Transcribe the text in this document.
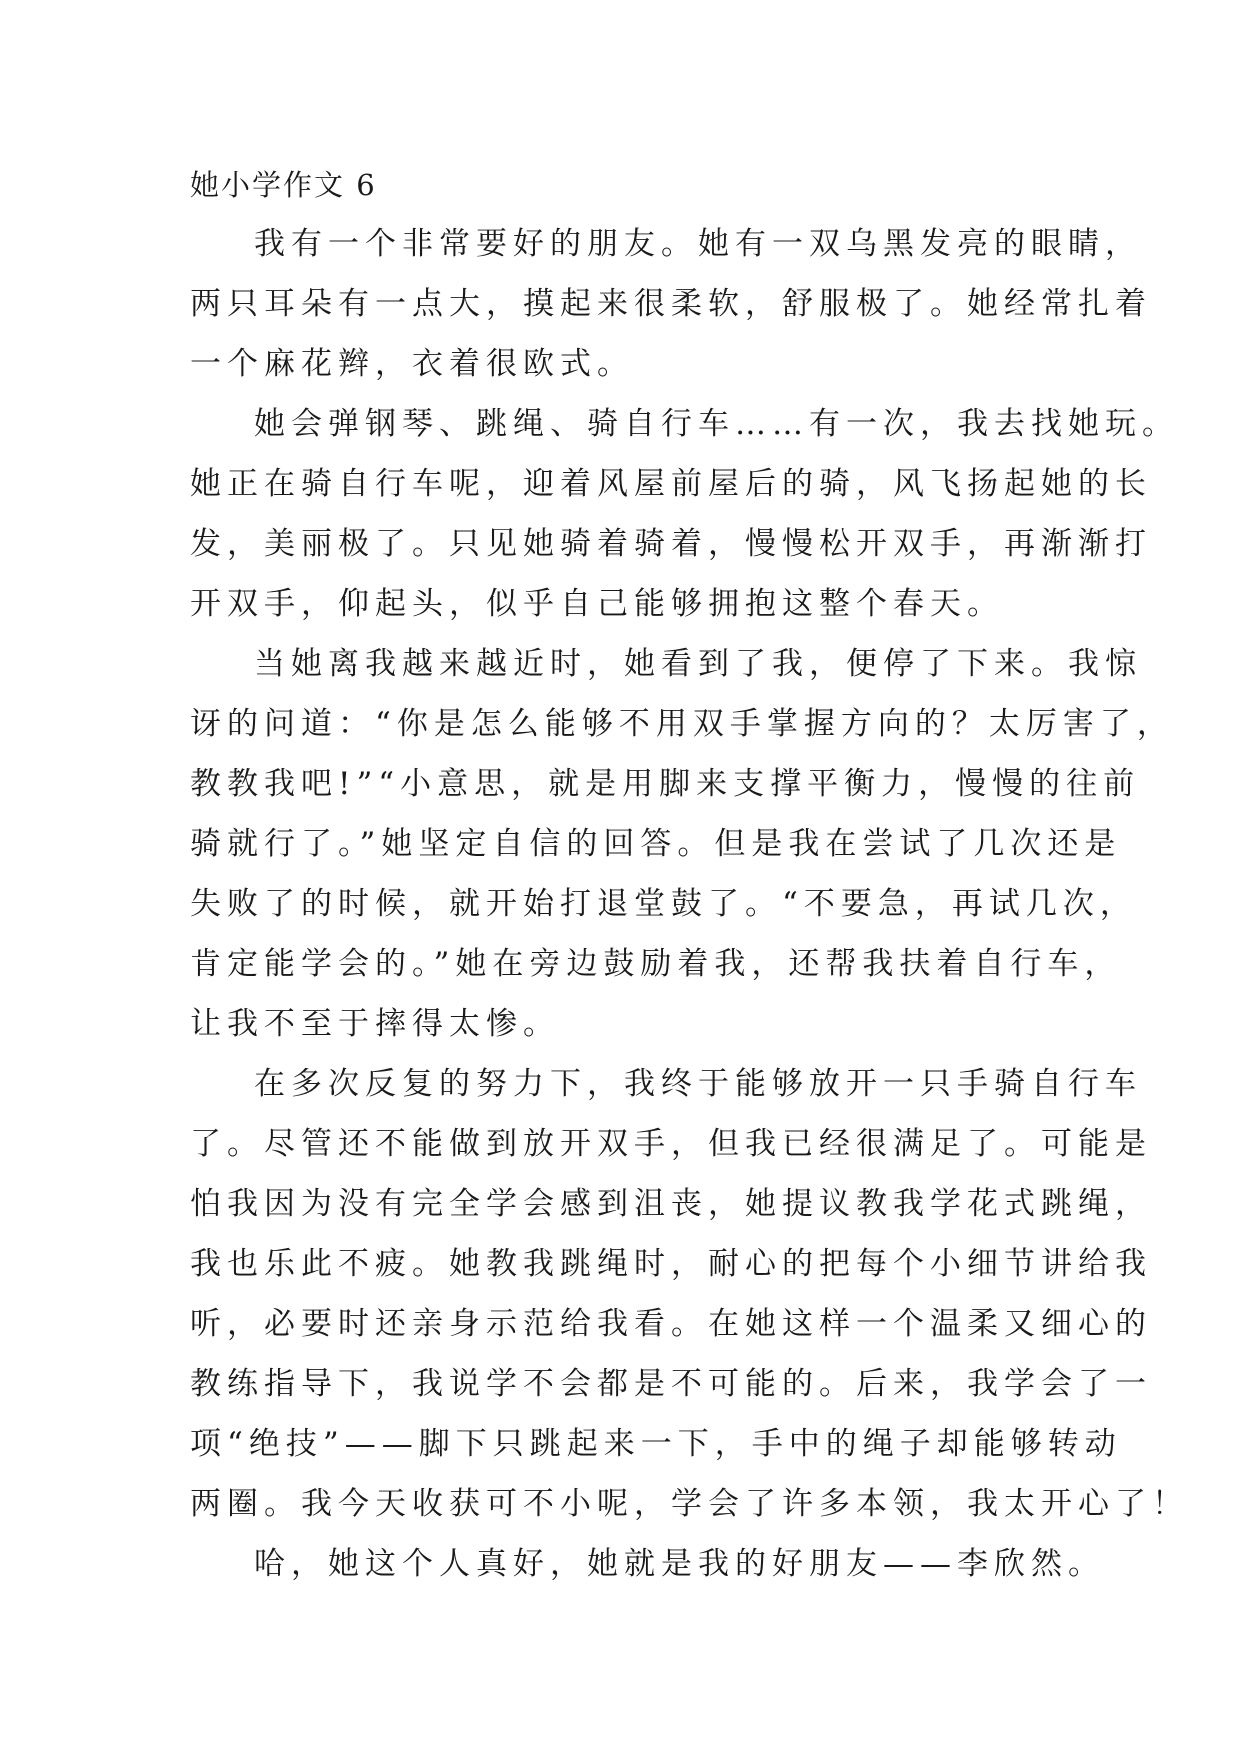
她小学作文 6
我有一个非常要好的朋友。她有一双乌黑发亮的眼睛，
两只耳朵有一点大，摸起来很柔软，舒服极了。她经常扎着
一个麻花辫，衣着很欧式。
她会弹钢琴、跳绳、骑自行车……有一次，我去找她玩。
她正在骑自行车呢，迎着风屋前屋后的骑，风飞扬起她的长
发，美丽极了。只见她骑着骑着，慢慢松开双手，再渐渐打
开双手，仰起头，似乎自己能够拥抱这整个春天。
当她离我越来越近时，她看到了我，便停了下来。我惊
讶的问道：“你是怎么能够不用双手掌握方向的？太厉害了，
教教我吧!”“小意思，就是用脚来支撑平衡力，慢慢的往前
骑就行了。”她坚定自信的回答。但是我在尝试了几次还是
失败了的时候，就开始打退堂鼓了。“不要急，再试几次，
肯定能学会的。”她在旁边鼓励着我，还帮我扶着自行车，
让我不至于摔得太惨。
在多次反复的努力下，我终于能够放开一只手骑自行车
了。尽管还不能做到放开双手，但我已经很满足了。可能是
怕我因为没有完全学会感到沮丧，她提议教我学花式跳绳，
我也乐此不疲。她教我跳绳时，耐心的把每个小细节讲给我
听，必要时还亲身示范给我看。在她这样一个温柔又细心的
教练指导下，我说学不会都是不可能的。后来，我学会了一
项“绝技”——脚下只跳起来一下，手中的绳子却能够转动
两圈。我今天收获可不小呢，学会了许多本领，我太开心了！
哈，她这个人真好，她就是我的好朋友——李欣然。
